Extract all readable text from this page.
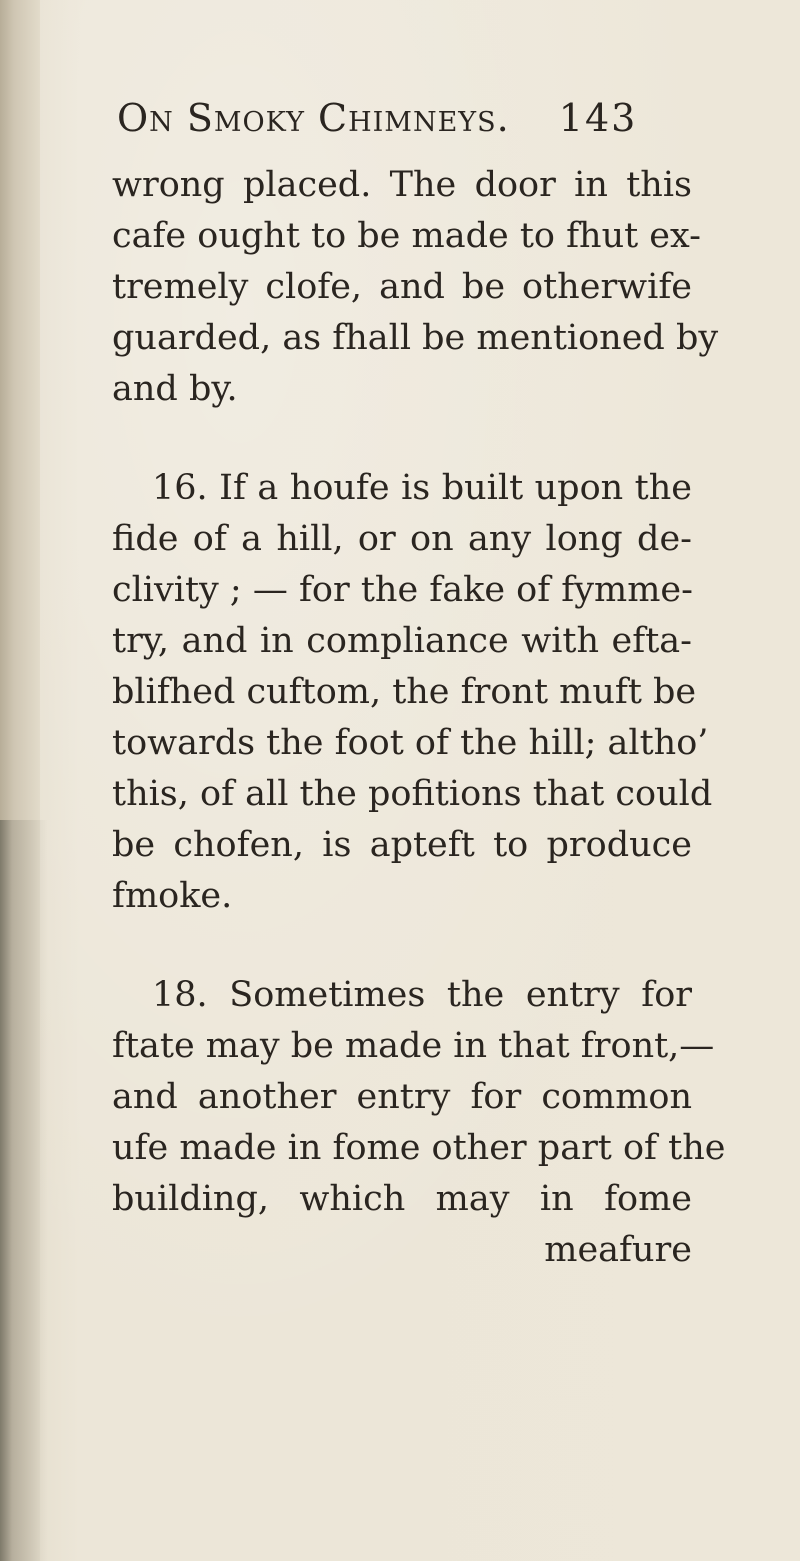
On Smoky Chimneys. 143
wrong placed. The door in this
cafe ought to be made to fhut ex-
tremely clofe, and be otherwife
guarded, as fhall be mentioned by
and by.
16. If a houfe is built upon the
fide of a hill, or on any long de-
clivity ; — for the fake of fymme-
try, and in compliance with efta-
blifhed cuftom, the front muft be
towards the foot of the hill; altho’
this, of all the pofitions that could
be chofen, is apteft to produce
fmoke.
18. Sometimes the entry for
ftate may be made in that front,—
and another entry for common
ufe made in fome other part of the
building, which may in fome
meafure
